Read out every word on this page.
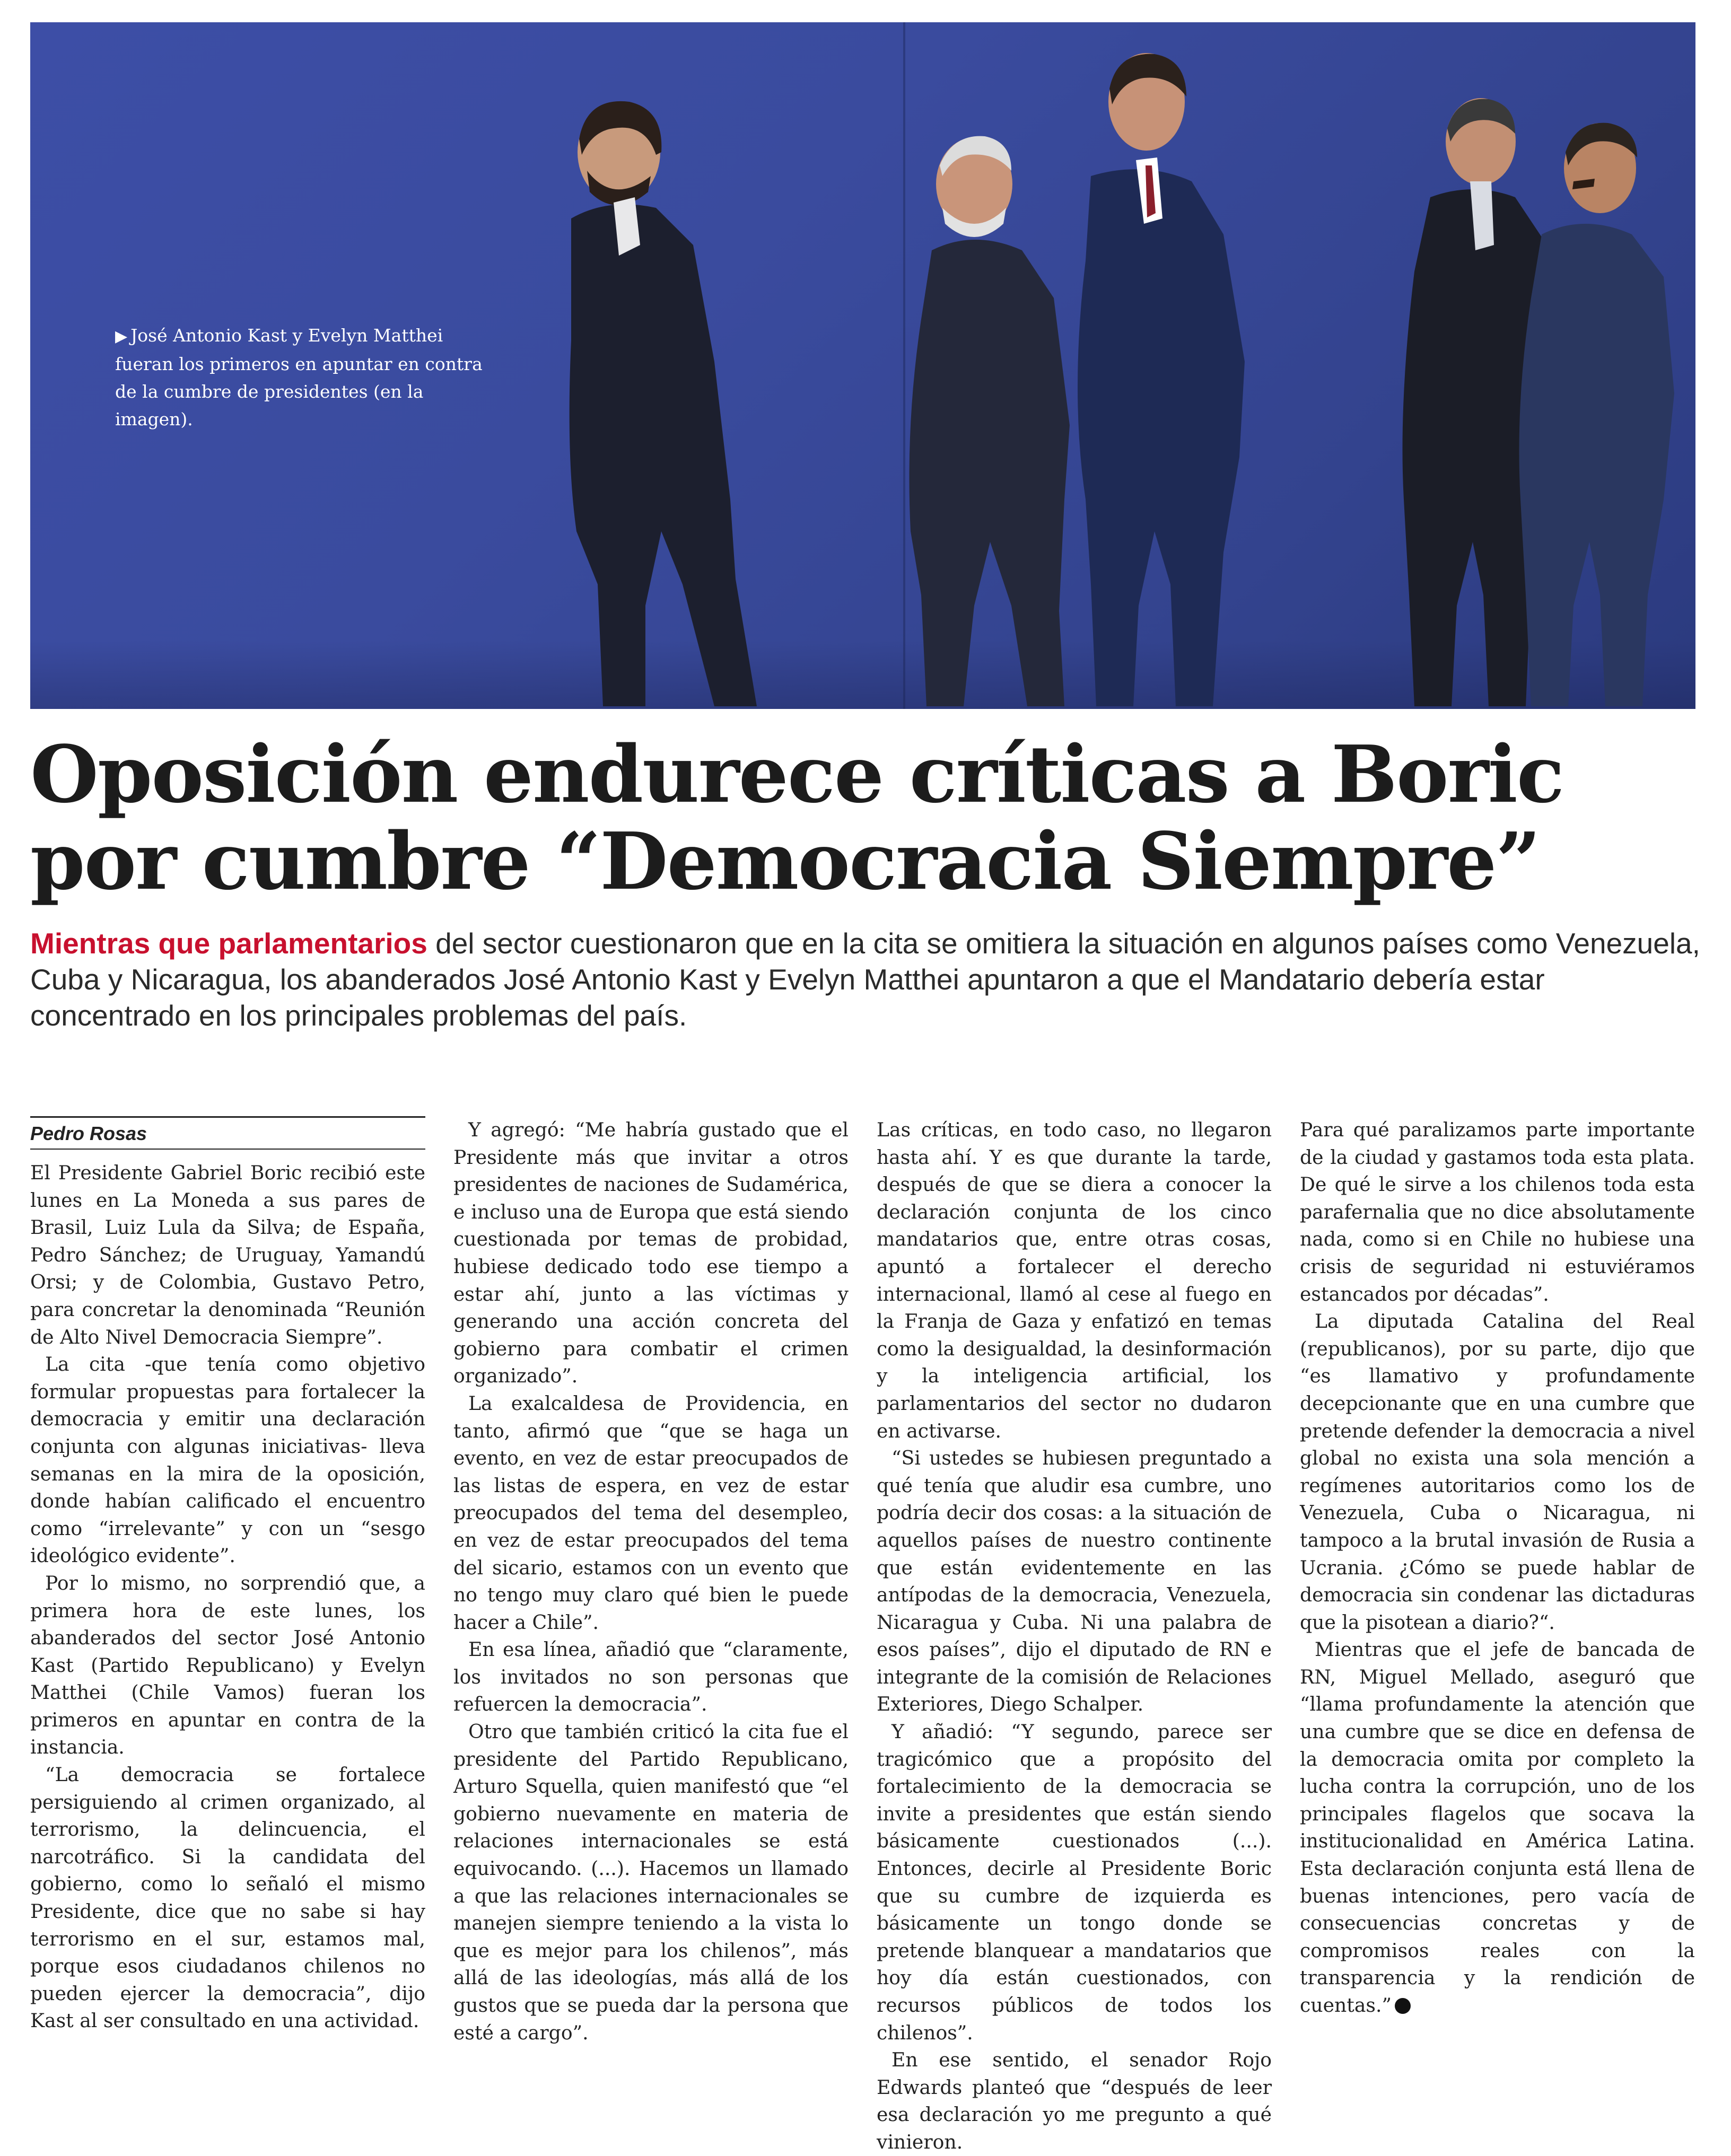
▶ José Antonio Kast y Evelyn Matthei fueran los primeros en apuntar en contra de la cumbre de presidentes (en la imagen).
Oposición endurece críticas a Boric
por cumbre “Democracia Siempre”
Mientras que parlamentarios del sector cuestionaron que en la cita se omitiera la situación en algunos países como Venezuela, Cuba y Nicaragua, los abanderados José Antonio Kast y Evelyn Matthei apuntaron a que el Mandatario debería estar concentrado en los principales problemas del país.
Pedro Rosas

El Presidente Gabriel Boric recibió este lunes en La Moneda a sus pares de Brasil, Luiz Lula da Silva; de España, Pedro Sánchez; de Uruguay, Yamandú Orsi; y de Colombia, Gustavo Petro, para concretar la denominada “Reunión de Alto Nivel Democracia Siempre”.

La cita -que tenía como objetivo formular propuestas para fortalecer la democracia y emitir una declaración conjunta con algunas iniciativas- lleva semanas en la mira de la oposición, donde habían calificado el encuentro como “irrelevante” y con un “sesgo ideológico evidente”.

Por lo mismo, no sorprendió que, a primera hora de este lunes, los abanderados del sector José Antonio Kast (Partido Republicano) y Evelyn Matthei (Chile Vamos) fueran los primeros en apuntar en contra de la instancia.

“La democracia se fortalece persiguiendo al crimen organizado, al terrorismo, la delincuencia, el narcotráfico. Si la candidata del gobierno, como lo señaló el mismo Presidente, dice que no sabe si hay terrorismo en el sur, estamos mal, porque esos ciudadanos chilenos no pueden ejercer la democracia”, dijo Kast al ser consultado en una actividad.

Y agregó: “Me habría gustado que el Presidente más que invitar a otros presidentes de naciones de Sudamérica, e incluso una de Europa que está siendo cuestionada por temas de probidad, hubiese dedicado todo ese tiempo a estar ahí, junto a las víctimas y generando una acción concreta del gobierno para combatir el crimen organizado”.

La exalcaldesa de Providencia, en tanto, afirmó que “que se haga un evento, en vez de estar preocupados de las listas de espera, en vez de estar preocupados del tema del desempleo, en vez de estar preocupados del tema del sicario, estamos con un evento que no tengo muy claro qué bien le puede hacer a Chile”.

En esa línea, añadió que “claramente, los invitados no son personas que refuercen la democracia”.

Otro que también criticó la cita fue el presidente del Partido Republicano, Arturo Squella, quien manifestó que “el gobierno nuevamente en materia de relaciones internacionales se está equivocando. (...). Hacemos un llamado a que las relaciones internacionales se manejen siempre teniendo a la vista lo que es mejor para los chilenos”, más allá de las ideologías, más allá de los gustos que se pueda dar la persona que esté a cargo”.

Las críticas, en todo caso, no llegaron hasta ahí. Y es que durante la tarde, después de que se diera a conocer la declaración conjunta de los cinco mandatarios que, entre otras cosas, apuntó a fortalecer el derecho internacional, llamó al cese al fuego en la Franja de Gaza y enfatizó en temas como la desigualdad, la desinformación y la inteligencia artificial, los parlamentarios del sector no dudaron en activarse.

“Si ustedes se hubiesen preguntado a qué tenía que aludir esa cumbre, uno podría decir dos cosas: a la situación de aquellos países de nuestro continente que están evidentemente en las antípodas de la democracia, Venezuela, Nicaragua y Cuba. Ni una palabra de esos países”, dijo el diputado de RN e integrante de la comisión de Relaciones Exteriores, Diego Schalper.

Y añadió: “Y segundo, parece ser tragicómico que a propósito del fortalecimiento de la democracia se invite a presidentes que están siendo básicamente cuestionados (...). Entonces, decirle al Presidente Boric que su cumbre de izquierda es básicamente un tongo donde se pretende blanquear a mandatarios que hoy día están cuestionados, con recursos públicos de todos los chilenos”.

En ese sentido, el senador Rojo Edwards planteó que “después de leer esa declaración yo me pregunto a qué vinieron.

Para qué paralizamos parte importante de la ciudad y gastamos toda esta plata. De qué le sirve a los chilenos toda esta parafernalia que no dice absolutamente nada, como si en Chile no hubiese una crisis de seguridad ni estuviéramos estancados por décadas”.

La diputada Catalina del Real (republicanos), por su parte, dijo que “es llamativo y profundamente decepcionante que en una cumbre que pretende defender la democracia a nivel global no exista una sola mención a regímenes autoritarios como los de Venezuela, Cuba o Nicaragua, ni tampoco a la brutal invasión de Rusia a Ucrania. ¿Cómo se puede hablar de democracia sin condenar las dictaduras que la pisotean a diario?“.

Mientras que el jefe de bancada de RN, Miguel Mellado, aseguró que “llama profundamente la atención que una cumbre que se dice en defensa de la democracia omita por completo la lucha contra la corrupción, uno de los principales flagelos que socava la institucionalidad en América Latina. Esta declaración conjunta está llena de buenas intenciones, pero vacía de consecuencias concretas y de compromisos reales con la transparencia y la rendición de cuentas.”
